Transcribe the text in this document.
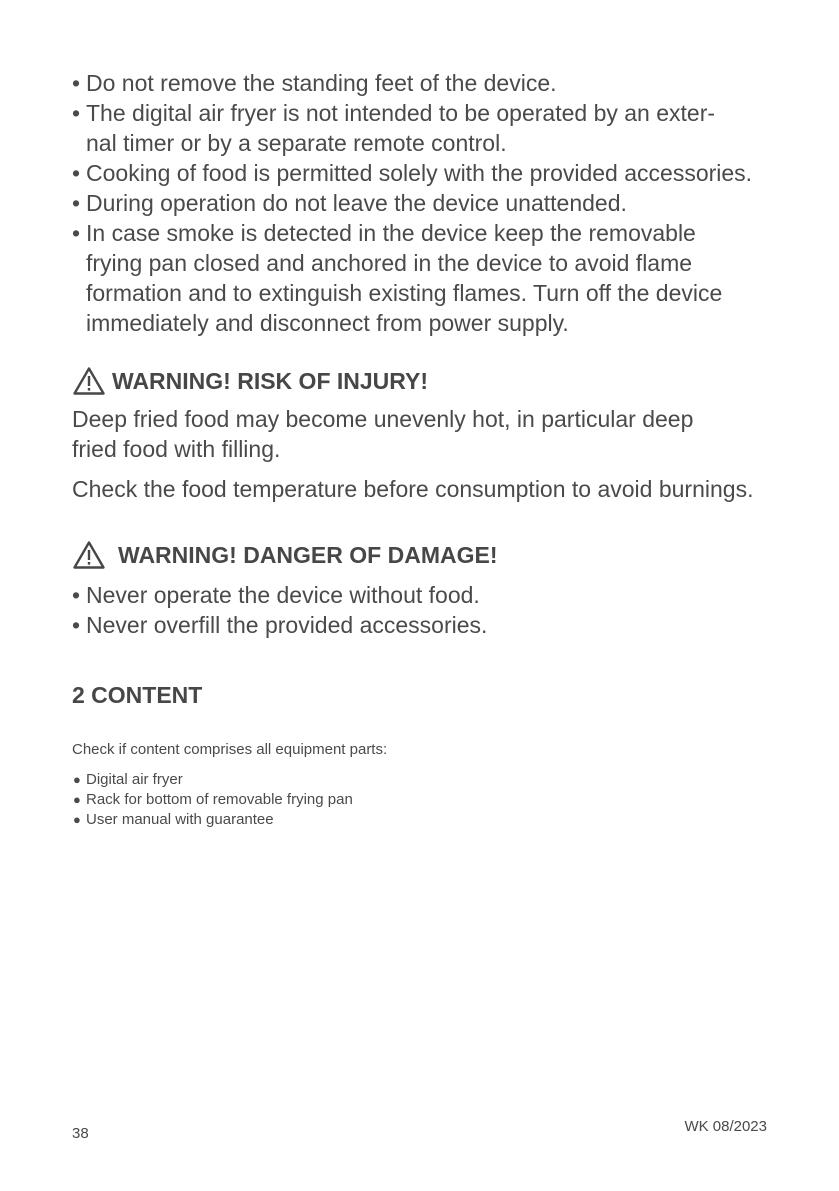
• Do not remove the standing feet of the device.
• The digital air fryer is not intended to be operated by an exter-
nal timer or by a separate remote control.
• Cooking of food is permitted solely with the provided accessories.
• During operation do not leave the device unattended.
• In case smoke is detected in the device keep the removable
frying pan closed and anchored in the device to avoid flame
formation and to extinguish existing flames. Turn off the device
immediately and disconnect from power supply.
WARNING! RISK OF INJURY!

Deep fried food may become unevenly hot, in particular deep
fried food with filling.

Check the food temperature before consumption to avoid burnings.

WARNING! DANGER OF DAMAGE!
• Never operate the device without food.
• Never overfill the provided accessories.
2 CONTENT
Check if content comprises all equipment parts:
● Digital air fryer
● Rack for bottom of removable frying pan
● User manual with guarantee
38	WK 08/2023
